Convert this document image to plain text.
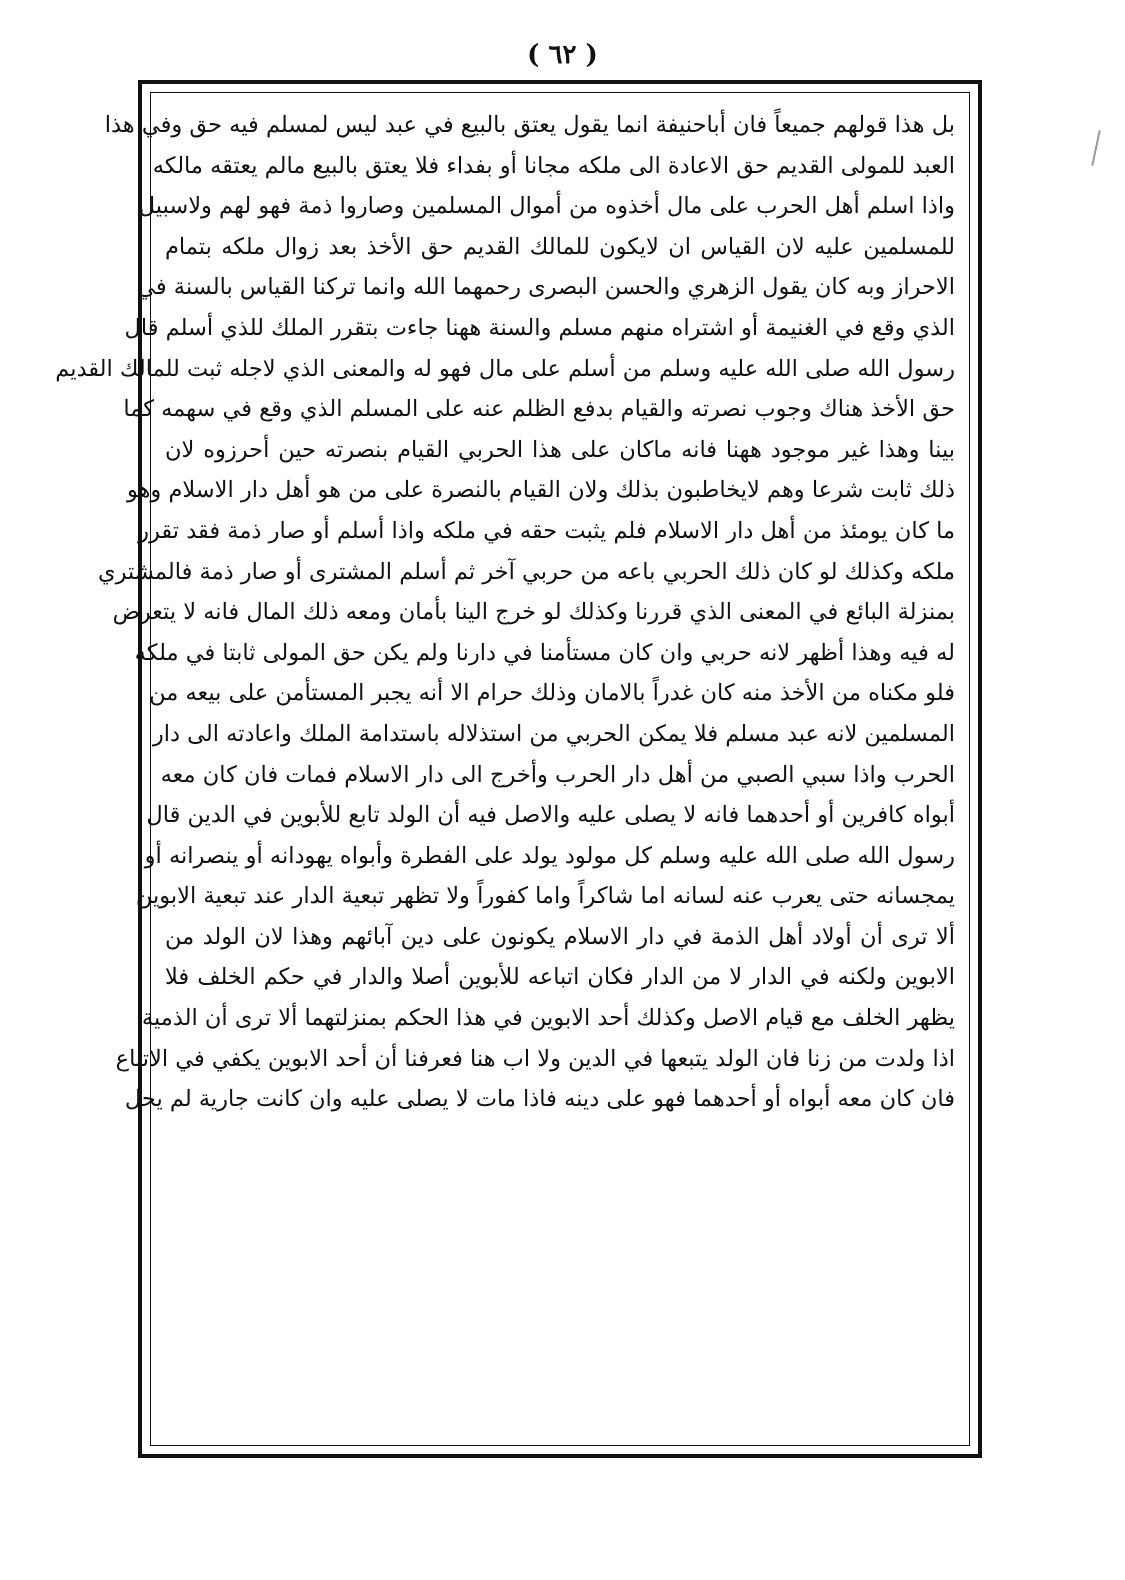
( ٦٢ )
بل هذا قولهم جميعاً فان أباحنيفة انما يقول يعتق بالبيع في عبد ليس لمسلم فيه حق وفي هذا
العبد للمولى القديم حق الاعادة الى ملكه مجانا أو بفداء فلا يعتق بالبيع مالم يعتقه مالكه
واذا اسلم أهل الحرب على مال أخذوه من أموال المسلمين وصاروا ذمة فهو لهم ولاسبيل
للمسلمين عليه لان القياس ان لايكون للمالك القديم حق الأخذ بعد زوال ملكه بتمام
الاحراز وبه كان يقول الزهري والحسن البصرى رحمهما الله وانما تركنا القياس بالسنة في
الذي وقع في الغنيمة أو اشتراه منهم مسلم والسنة ههنا جاءت بتقرر الملك للذي أسلم قال
رسول الله صلى الله عليه وسلم من أسلم على مال فهو له والمعنى الذي لاجله ثبت للمالك القديم
حق الأخذ هناك وجوب نصرته والقيام بدفع الظلم عنه على المسلم الذي وقع في سهمه كما
بينا وهذا غير موجود ههنا فانه ماكان على هذا الحربي القيام بنصرته حين أحرزوه لان
ذلك ثابت شرعا وهم لايخاطبون بذلك ولان القيام بالنصرة على من هو أهل دار الاسلام وهو
ما كان يومئذ من أهل دار الاسلام فلم يثبت حقه في ملكه واذا أسلم أو صار ذمة فقد تقرر
ملكه وكذلك لو كان ذلك الحربي باعه من حربي آخر ثم أسلم المشترى أو صار ذمة فالمشتري
بمنزلة البائع في المعنى الذي قررنا وكذلك لو خرج الينا بأمان ومعه ذلك المال فانه لا يتعرض
له فيه وهذا أظهر لانه حربي وان كان مستأمنا في دارنا ولم يكن حق المولى ثابتا في ملكه
فلو مكناه من الأخذ منه كان غدراً بالامان وذلك حرام الا أنه يجبر المستأمن على بيعه من
المسلمين لانه عبد مسلم فلا يمكن الحربي من استذلاله باستدامة الملك واعادته الى دار
الحرب واذا سبي الصبي من أهل دار الحرب وأخرج الى دار الاسلام فمات فان كان معه
أبواه كافرين أو أحدهما فانه لا يصلى عليه والاصل فيه أن الولد تابع للأبوين في الدين قال
رسول الله صلى الله عليه وسلم كل مولود يولد على الفطرة وأبواه يهودانه أو ينصرانه أو
يمجسانه حتى يعرب عنه لسانه اما شاكراً واما كفوراً ولا تظهر تبعية الدار عند تبعية الابوين
ألا ترى أن أولاد أهل الذمة في دار الاسلام يكونون على دين آبائهم وهذا لان الولد من
الابوين ولكنه في الدار لا من الدار فكان اتباعه للأبوين أصلا والدار في حكم الخلف فلا
يظهر الخلف مع قيام الاصل وكذلك أحد الابوين في هذا الحكم بمنزلتهما ألا ترى أن الذمية
اذا ولدت من زنا فان الولد يتبعها في الدين ولا اب هنا فعرفنا أن أحد الابوين يكفي في الاتباع
فان كان معه أبواه أو أحدهما فهو على دينه فاذا مات لا يصلى عليه وان كانت جارية لم يحل
